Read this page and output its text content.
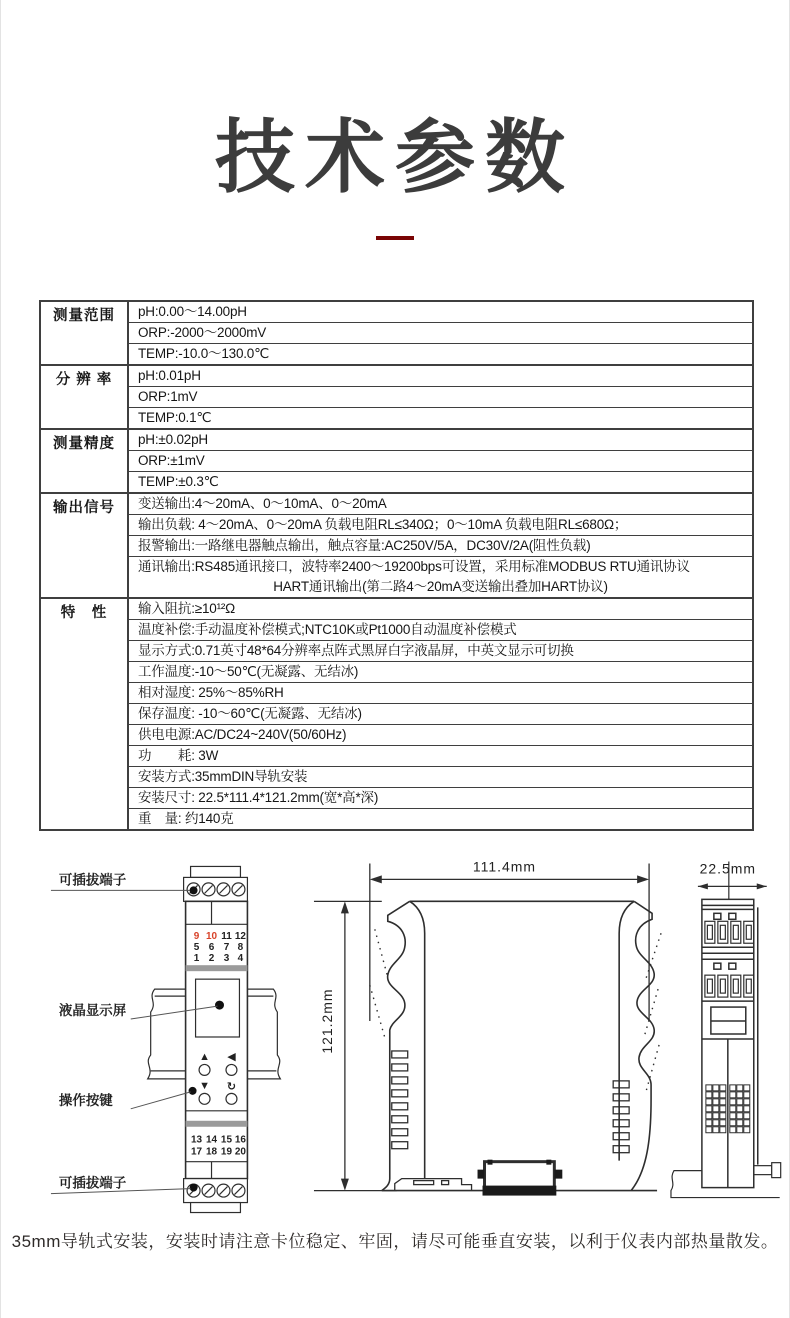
技术参数
测量范围	pH:0.00～14.00pH
ORP:-2000～2000mV
TEMP:-10.0～130.0℃
分 辨 率	pH:0.01pH
ORP:1mV
TEMP:0.1℃
测量精度	pH:±0.02pH
ORP:±1mV
TEMP:±0.3℃
输出信号	变送输出:4～20mA、0～10mA、0～20mA
输出负载: 4～20mA、0～20mA 负载电阻RL≤340Ω；0～10mA 负载电阻RL≤680Ω；
报警输出:一路继电器触点输出，触点容量:AC250V/5A，DC30V/2A(阻性负载)
通讯输出:RS485通讯接口，波特率2400～19200bps可设置，采用标准MODBUS RTU通讯协议
HART通讯输出(第二路4～20mA变送输出叠加HART协议)
特　性	输入阻抗:≥10¹²Ω
温度补偿:手动温度补偿模式;NTC10K或Pt1000自动温度补偿模式
显示方式:0.71英寸48*64分辨率点阵式黑屏白字液晶屏，中英文显示可切换
工作温度:-10～50℃(无凝露、无结冰)
相对湿度: 25%～85%RH
保存温度: -10～60℃(无凝露、无结冰)
供电电源:AC/DC24~240V(50/60Hz)
功　　耗: 3W
安装方式:35mmDIN导轨安装
安装尺寸: 22.5*111.4*121.2mm(宽*高*深)
重　量: 约140克
9 10 11 12
5 6 7 8
1 2 3 4
13 14 15 16
17 18 19 20
▲ ◀
▼ ↻
可插拔端子
液晶显示屏
操作按键
可插拔端子
111.4mm
121.2mm
22.5mm
35mm导轨式安装，安装时请注意卡位稳定、牢固，请尽可能垂直安装，以利于仪表内部热量散发。
